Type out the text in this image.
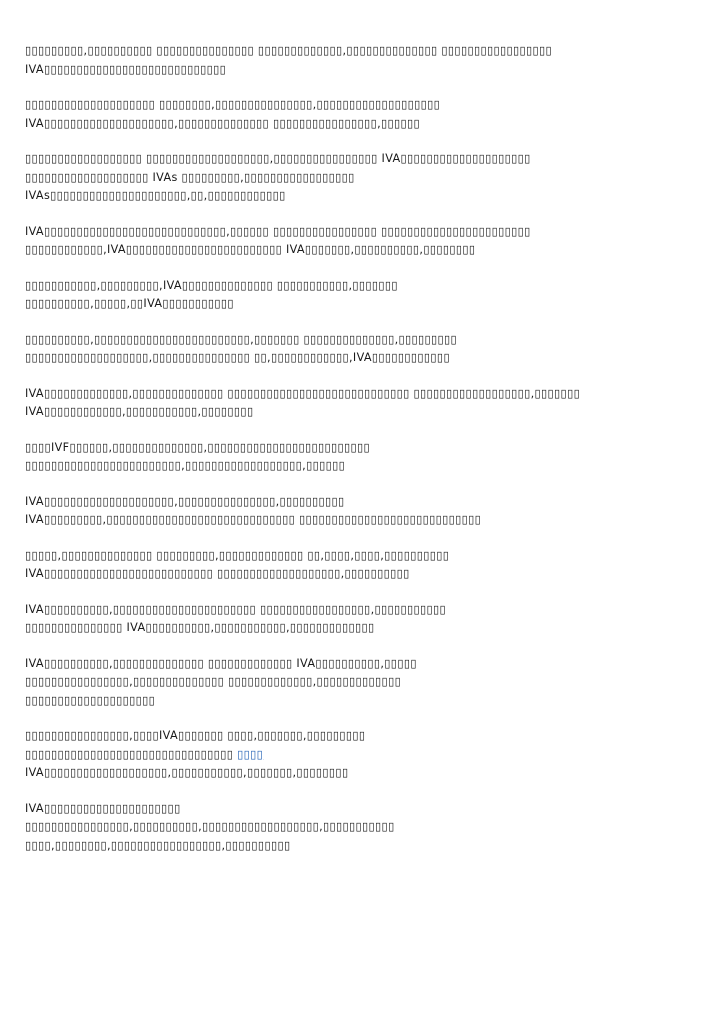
▯▯▯▯▯▯▯▯▯,▯▯▯▯▯▯▯▯▯▯ ▯▯▯▯▯▯▯▯▯▯▯▯▯▯▯ ▯▯▯▯▯▯▯▯▯▯▯▯▯,▯▯▯▯▯▯▯▯▯▯▯▯▯▯ ▯▯▯▯▯▯▯▯▯▯▯▯▯▯▯▯▯
IVA▯▯▯▯▯▯▯▯▯▯▯▯▯▯▯▯▯▯▯▯▯▯▯▯▯▯▯▯
▯▯▯▯▯▯▯▯▯▯▯▯▯▯▯▯▯▯▯▯ ▯▯▯▯▯▯▯▯,▯▯▯▯▯▯▯▯▯▯▯▯▯▯▯,▯▯▯▯▯▯▯▯▯▯▯▯▯▯▯▯▯▯▯
IVA▯▯▯▯▯▯▯▯▯▯▯▯▯▯▯▯▯▯▯▯,▯▯▯▯▯▯▯▯▯▯▯▯▯▯ ▯▯▯▯▯▯▯▯▯▯▯▯▯▯▯▯,▯▯▯▯▯▯
▯▯▯▯▯▯▯▯▯▯▯▯▯▯▯▯▯▯ ▯▯▯▯▯▯▯▯▯▯▯▯▯▯▯▯▯▯▯,▯▯▯▯▯▯▯▯▯▯▯▯▯▯▯▯ IVA▯▯▯▯▯▯▯▯▯▯▯▯▯▯▯▯▯▯▯▯
▯▯▯▯▯▯▯▯▯▯▯▯▯▯▯▯▯▯▯ IVAs ▯▯▯▯▯▯▯▯▯,▯▯▯▯▯▯▯▯▯▯▯▯▯▯▯▯▯
IVAs▯▯▯▯▯▯▯▯▯▯▯▯▯▯▯▯▯▯▯▯▯,▯▯,▯▯▯▯▯▯▯▯▯▯▯▯
IVA▯▯▯▯▯▯▯▯▯▯▯▯▯▯▯▯▯▯▯▯▯▯▯▯▯▯▯▯,▯▯▯▯▯▯ ▯▯▯▯▯▯▯▯▯▯▯▯▯▯▯▯ ▯▯▯▯▯▯▯▯▯▯▯▯▯▯▯▯▯▯▯▯▯▯▯
▯▯▯▯▯▯▯▯▯▯▯▯,IVA▯▯▯▯▯▯▯▯▯▯▯▯▯▯▯▯▯▯▯▯▯▯▯▯ IVA▯▯▯▯▯▯▯,▯▯▯▯▯▯▯▯▯▯,▯▯▯▯▯▯▯▯
▯▯▯▯▯▯▯▯▯▯▯,▯▯▯▯▯▯▯▯▯,IVA▯▯▯▯▯▯▯▯▯▯▯▯▯▯ ▯▯▯▯▯▯▯▯▯▯▯,▯▯▯▯▯▯▯
▯▯▯▯▯▯▯▯▯▯,▯▯▯▯▯,▯▯IVA▯▯▯▯▯▯▯▯▯▯▯
▯▯▯▯▯▯▯▯▯▯,▯▯▯▯▯▯▯▯▯▯▯▯▯▯▯▯▯▯▯▯▯▯▯▯,▯▯▯▯▯▯▯ ▯▯▯▯▯▯▯▯▯▯▯▯▯▯,▯▯▯▯▯▯▯▯▯
▯▯▯▯▯▯▯▯▯▯▯▯▯▯▯▯▯▯▯,▯▯▯▯▯▯▯▯▯▯▯▯▯▯▯ ▯▯,▯▯▯▯▯▯▯▯▯▯▯▯,IVA▯▯▯▯▯▯▯▯▯▯▯▯
IVA▯▯▯▯▯▯▯▯▯▯▯▯▯,▯▯▯▯▯▯▯▯▯▯▯▯▯▯ ▯▯▯▯▯▯▯▯▯▯▯▯▯▯▯▯▯▯▯▯▯▯▯▯▯▯▯▯ ▯▯▯▯▯▯▯▯▯▯▯▯▯▯▯▯▯▯,▯▯▯▯▯▯▯
IVA▯▯▯▯▯▯▯▯▯▯▯▯,▯▯▯▯▯▯▯▯▯▯▯,▯▯▯▯▯▯▯▯
▯▯▯▯IVF▯▯▯▯▯▯,▯▯▯▯▯▯▯▯▯▯▯▯▯▯,▯▯▯▯▯▯▯▯▯▯▯▯▯▯▯▯▯▯▯▯▯▯▯▯▯
▯▯▯▯▯▯▯▯▯▯▯▯▯▯▯▯▯▯▯▯▯▯▯▯,▯▯▯▯▯▯▯▯▯▯▯▯▯▯▯▯▯▯,▯▯▯▯▯▯
IVA▯▯▯▯▯▯▯▯▯▯▯▯▯▯▯▯▯▯▯▯,▯▯▯▯▯▯▯▯▯▯▯▯▯▯▯,▯▯▯▯▯▯▯▯▯▯
IVA▯▯▯▯▯▯▯▯▯,▯▯▯▯▯▯▯▯▯▯▯▯▯▯▯▯▯▯▯▯▯▯▯▯▯▯▯▯▯ ▯▯▯▯▯▯▯▯▯▯▯▯▯▯▯▯▯▯▯▯▯▯▯▯▯▯▯▯
▯▯▯▯▯,▯▯▯▯▯▯▯▯▯▯▯▯▯▯ ▯▯▯▯▯▯▯▯▯,▯▯▯▯▯▯▯▯▯▯▯▯▯ ▯▯,▯▯▯▯,▯▯▯▯,▯▯▯▯▯▯▯▯▯▯
IVA▯▯▯▯▯▯▯▯▯▯▯▯▯▯▯▯▯▯▯▯▯▯▯▯▯▯ ▯▯▯▯▯▯▯▯▯▯▯▯▯▯▯▯▯▯▯,▯▯▯▯▯▯▯▯▯▯
IVA▯▯▯▯▯▯▯▯▯▯,▯▯▯▯▯▯▯▯▯▯▯▯▯▯▯▯▯▯▯▯▯▯ ▯▯▯▯▯▯▯▯▯▯▯▯▯▯▯▯▯,▯▯▯▯▯▯▯▯▯▯▯
▯▯▯▯▯▯▯▯▯▯▯▯▯▯▯ IVA▯▯▯▯▯▯▯▯▯▯,▯▯▯▯▯▯▯▯▯▯▯,▯▯▯▯▯▯▯▯▯▯▯▯▯
IVA▯▯▯▯▯▯▯▯▯▯,▯▯▯▯▯▯▯▯▯▯▯▯▯▯ ▯▯▯▯▯▯▯▯▯▯▯▯▯ IVA▯▯▯▯▯▯▯▯▯▯,▯▯▯▯▯
▯▯▯▯▯▯▯▯▯▯▯▯▯▯▯▯,▯▯▯▯▯▯▯▯▯▯▯▯▯▯ ▯▯▯▯▯▯▯▯▯▯▯▯▯,▯▯▯▯▯▯▯▯▯▯▯▯▯
▯▯▯▯▯▯▯▯▯▯▯▯▯▯▯▯▯▯▯▯
▯▯▯▯▯▯▯▯▯▯▯▯▯▯▯▯,▯▯▯▯IVA▯▯▯▯▯▯▯ ▯▯▯▯,▯▯▯▯▯▯▯,▯▯▯▯▯▯▯▯▯
▯▯▯▯▯▯▯▯▯▯▯▯▯▯▯▯▯▯▯▯▯▯▯▯▯▯▯▯▯▯▯▯ ▯▯▯▯
IVA▯▯▯▯▯▯▯▯▯▯▯▯▯▯▯▯▯▯▯,▯▯▯▯▯▯▯▯▯▯▯,▯▯▯▯▯▯▯,▯▯▯▯▯▯▯▯
IVA▯▯▯▯▯▯▯▯▯▯▯▯▯▯▯▯▯▯▯▯▯
▯▯▯▯▯▯▯▯▯▯▯▯▯▯▯▯,▯▯▯▯▯▯▯▯▯▯,▯▯▯▯▯▯▯▯▯▯▯▯▯▯▯▯▯▯,▯▯▯▯▯▯▯▯▯▯▯
▯▯▯▯,▯▯▯▯▯▯▯▯,▯▯▯▯▯▯▯▯▯▯▯▯▯▯▯▯▯,▯▯▯▯▯▯▯▯▯▯
